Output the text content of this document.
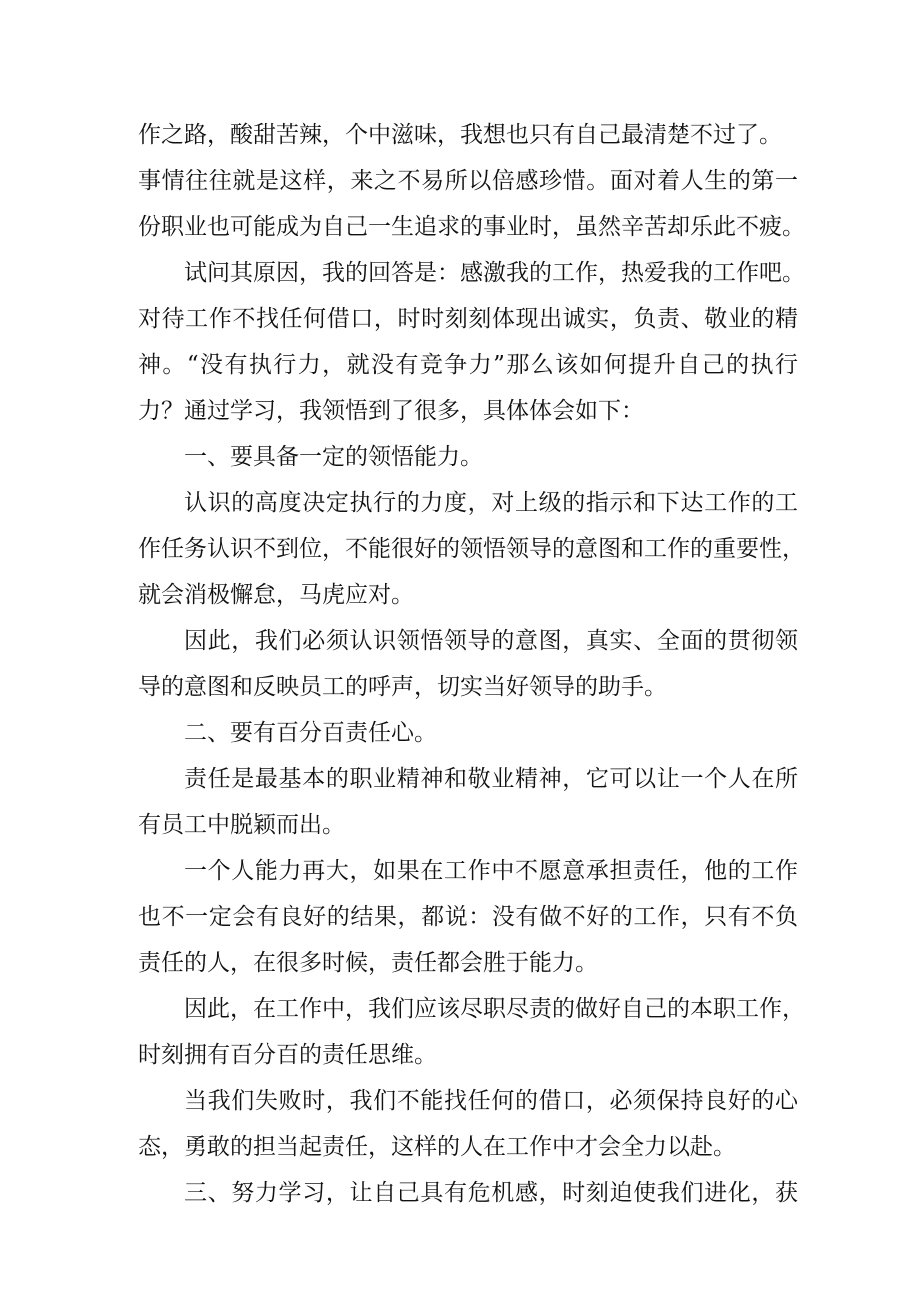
作之路，酸甜苦辣，个中滋味，我想也只有自己最清楚不过了。
事情往往就是这样，来之不易所以倍感珍惜。面对着人生的第一
份职业也可能成为自己一生追求的事业时，虽然辛苦却乐此不疲。
试问其原因，我的回答是：感激我的工作，热爱我的工作吧。
对待工作不找任何借口，时时刻刻体现出诚实，负责、敬业的精
神。“没有执行力，就没有竞争力”那么该如何提升自己的执行
力？通过学习，我领悟到了很多，具体体会如下：
一、要具备一定的领悟能力。
认识的高度决定执行的力度，对上级的指示和下达工作的工
作任务认识不到位，不能很好的领悟领导的意图和工作的重要性，
就会消极懈怠，马虎应对。
因此，我们必须认识领悟领导的意图，真实、全面的贯彻领
导的意图和反映员工的呼声，切实当好领导的助手。
二、要有百分百责任心。
责任是最基本的职业精神和敬业精神，它可以让一个人在所
有员工中脱颖而出。
一个人能力再大，如果在工作中不愿意承担责任，他的工作
也不一定会有良好的结果，都说：没有做不好的工作，只有不负
责任的人，在很多时候，责任都会胜于能力。
因此，在工作中，我们应该尽职尽责的做好自己的本职工作，
时刻拥有百分百的责任思维。
当我们失败时，我们不能找任何的借口，必须保持良好的心
态，勇敢的担当起责任，这样的人在工作中才会全力以赴。
三、努力学习，让自己具有危机感，时刻迫使我们进化，获
